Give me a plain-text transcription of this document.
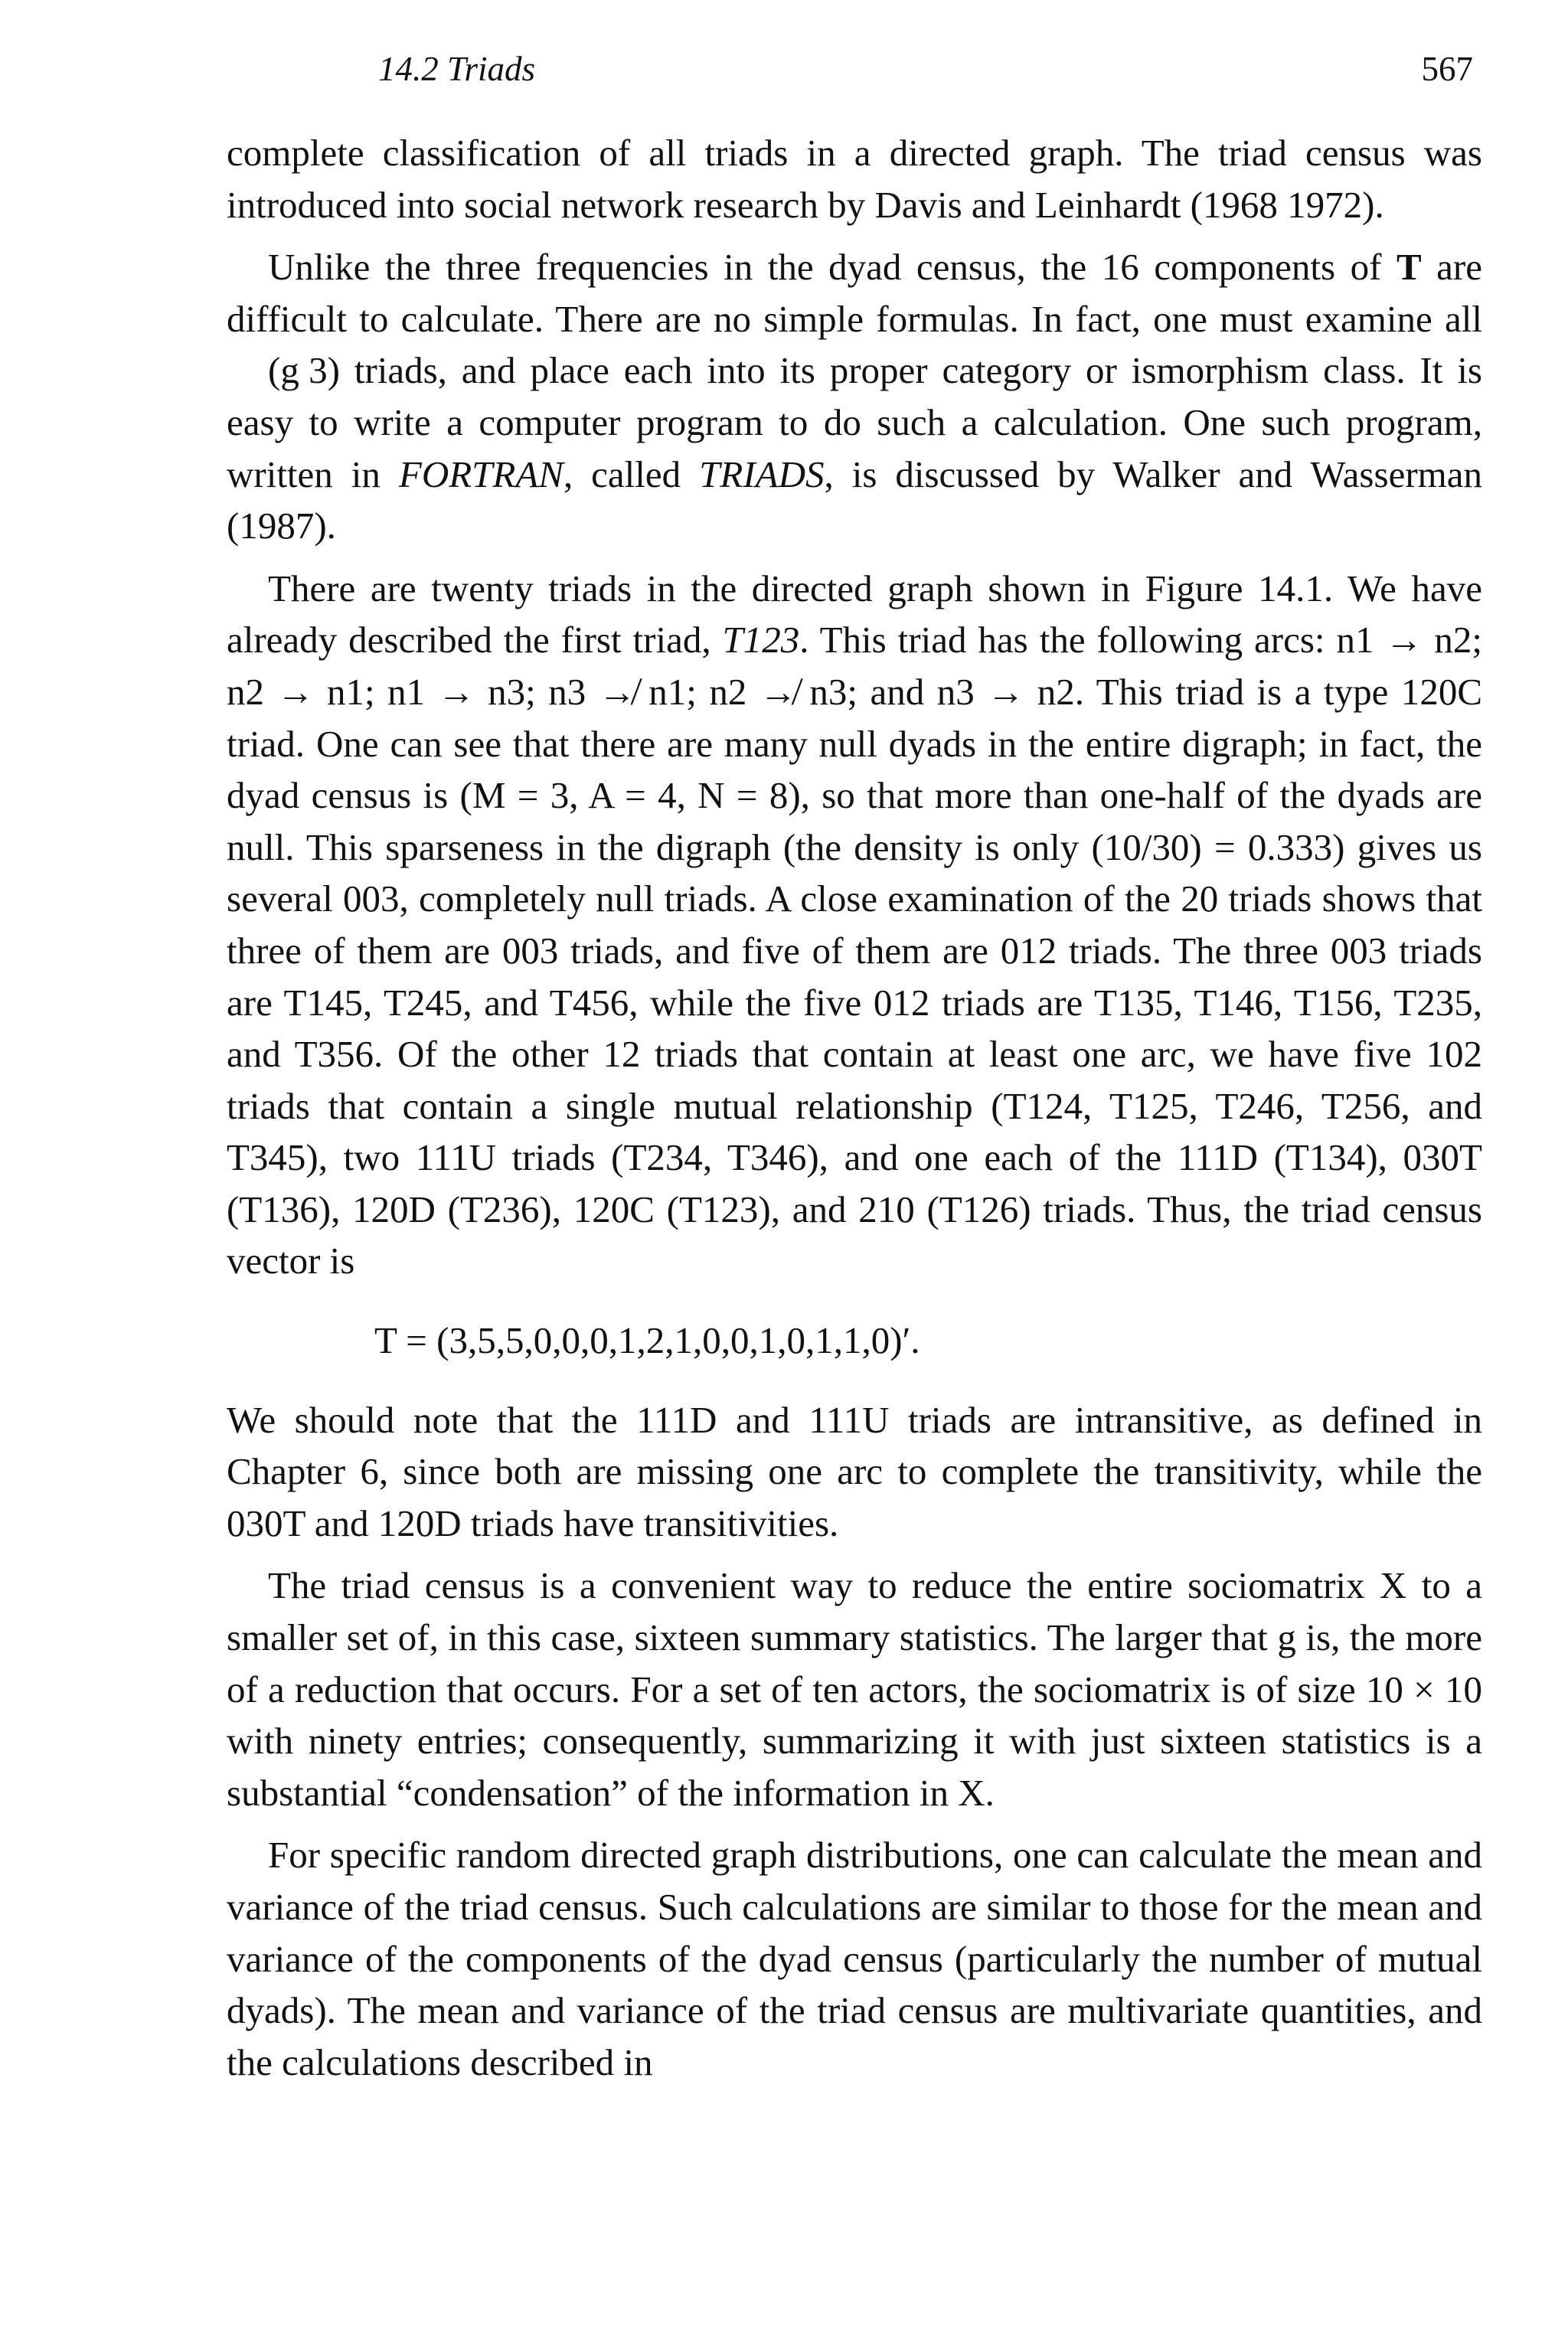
14.2 Triads	567

complete classification of all triads in a directed graph. The triad census was introduced into social network research by Davis and Leinhardt (1968 1972).

Unlike the three frequencies in the dyad census, the 16 components of T are difficult to calculate. There are no simple formulas. In fact, one must examine all (g 3) triads, and place each into its proper category or ismorphism class. It is easy to write a computer program to do such a calculation. One such program, written in FORTRAN, called TRIADS, is discussed by Walker and Wasserman (1987).

There are twenty triads in the directed graph shown in Figure 14.1. We have already described the first triad, T123. This triad has the following arcs: n1 → n2; n2 → n1; n1 → n3; n3 ↛ n1; n2 ↛ n3; and n3 → n2. This triad is a type 120C triad. One can see that there are many null dyads in the entire digraph; in fact, the dyad census is (M = 3, A = 4, N = 8), so that more than one-half of the dyads are null. This sparseness in the digraph (the density is only (10/30) = 0.333) gives us several 003, completely null triads. A close examination of the 20 triads shows that three of them are 003 triads, and five of them are 012 triads. The three 003 triads are T145, T245, and T456, while the five 012 triads are T135, T146, T156, T235, and T356. Of the other 12 triads that contain at least one arc, we have five 102 triads that contain a single mutual relationship (T124, T125, T246, T256, and T345), two 111U triads (T234, T346), and one each of the 111D (T134), 030T (T136), 120D (T236), 120C (T123), and 210 (T126) triads. Thus, the triad census vector is

T = (3,5,5,0,0,0,1,2,1,0,0,1,0,1,1,0)′.

We should note that the 111D and 111U triads are intransitive, as defined in Chapter 6, since both are missing one arc to complete the transitivity, while the 030T and 120D triads have transitivities.

The triad census is a convenient way to reduce the entire sociomatrix X to a smaller set of, in this case, sixteen summary statistics. The larger that g is, the more of a reduction that occurs. For a set of ten actors, the sociomatrix is of size 10 × 10 with ninety entries; consequently, summarizing it with just sixteen statistics is a substantial “condensation” of the information in X.

For specific random directed graph distributions, one can calculate the mean and variance of the triad census. Such calculations are similar to those for the mean and variance of the components of the dyad census (particularly the number of mutual dyads). The mean and variance of the triad census are multivariate quantities, and the calculations described in
